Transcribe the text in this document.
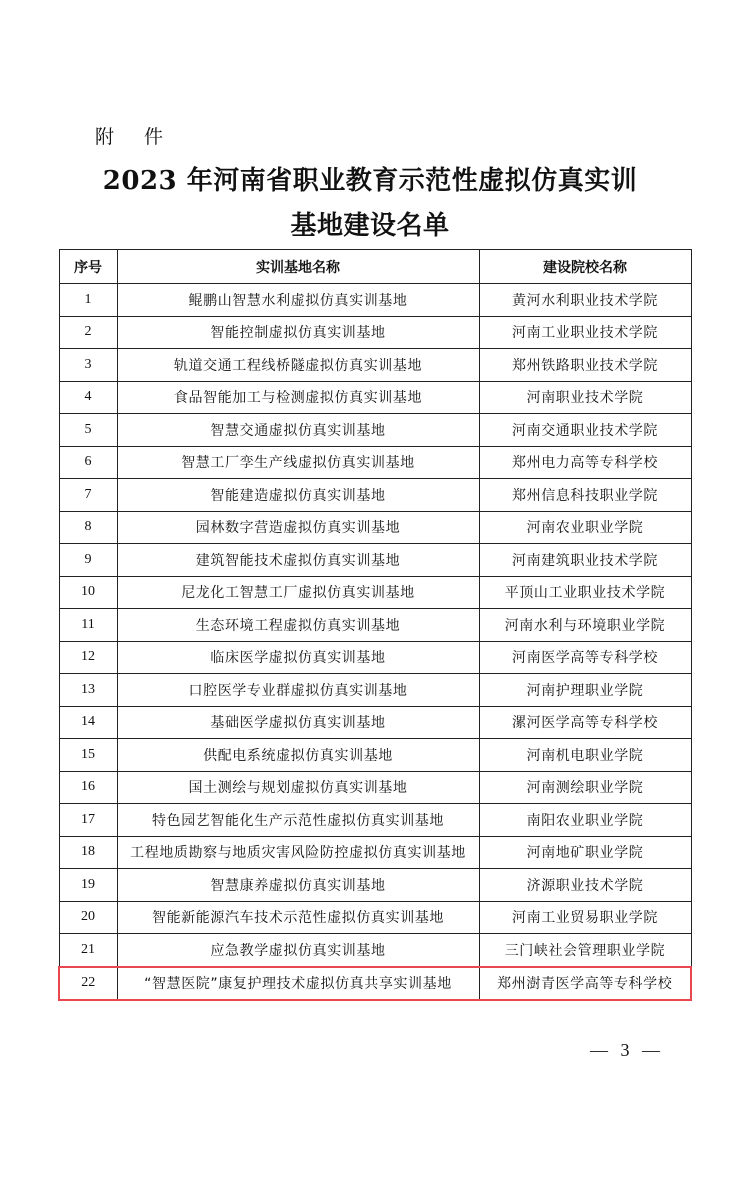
附 件
2023 年河南省职业教育示范性虚拟仿真实训
基地建设名单
序号	实训基地名称	建设院校名称
1	鲲鹏山智慧水利虚拟仿真实训基地	黄河水利职业技术学院
2	智能控制虚拟仿真实训基地	河南工业职业技术学院
3	轨道交通工程线桥隧虚拟仿真实训基地	郑州铁路职业技术学院
4	食品智能加工与检测虚拟仿真实训基地	河南职业技术学院
5	智慧交通虚拟仿真实训基地	河南交通职业技术学院
6	智慧工厂孪生产线虚拟仿真实训基地	郑州电力高等专科学校
7	智能建造虚拟仿真实训基地	郑州信息科技职业学院
8	园林数字营造虚拟仿真实训基地	河南农业职业学院
9	建筑智能技术虚拟仿真实训基地	河南建筑职业技术学院
10	尼龙化工智慧工厂虚拟仿真实训基地	平顶山工业职业技术学院
11	生态环境工程虚拟仿真实训基地	河南水利与环境职业学院
12	临床医学虚拟仿真实训基地	河南医学高等专科学校
13	口腔医学专业群虚拟仿真实训基地	河南护理职业学院
14	基础医学虚拟仿真实训基地	漯河医学高等专科学校
15	供配电系统虚拟仿真实训基地	河南机电职业学院
16	国土测绘与规划虚拟仿真实训基地	河南测绘职业学院
17	特色园艺智能化生产示范性虚拟仿真实训基地	南阳农业职业学院
18	工程地质勘察与地质灾害风险防控虚拟仿真实训基地	河南地矿职业学院
19	智慧康养虚拟仿真实训基地	济源职业技术学院
20	智能新能源汽车技术示范性虚拟仿真实训基地	河南工业贸易职业学院
21	应急教学虚拟仿真实训基地	三门峡社会管理职业学院
22	“智慧医院”康复护理技术虚拟仿真共享实训基地	郑州澍青医学高等专科学校
— 3 —
